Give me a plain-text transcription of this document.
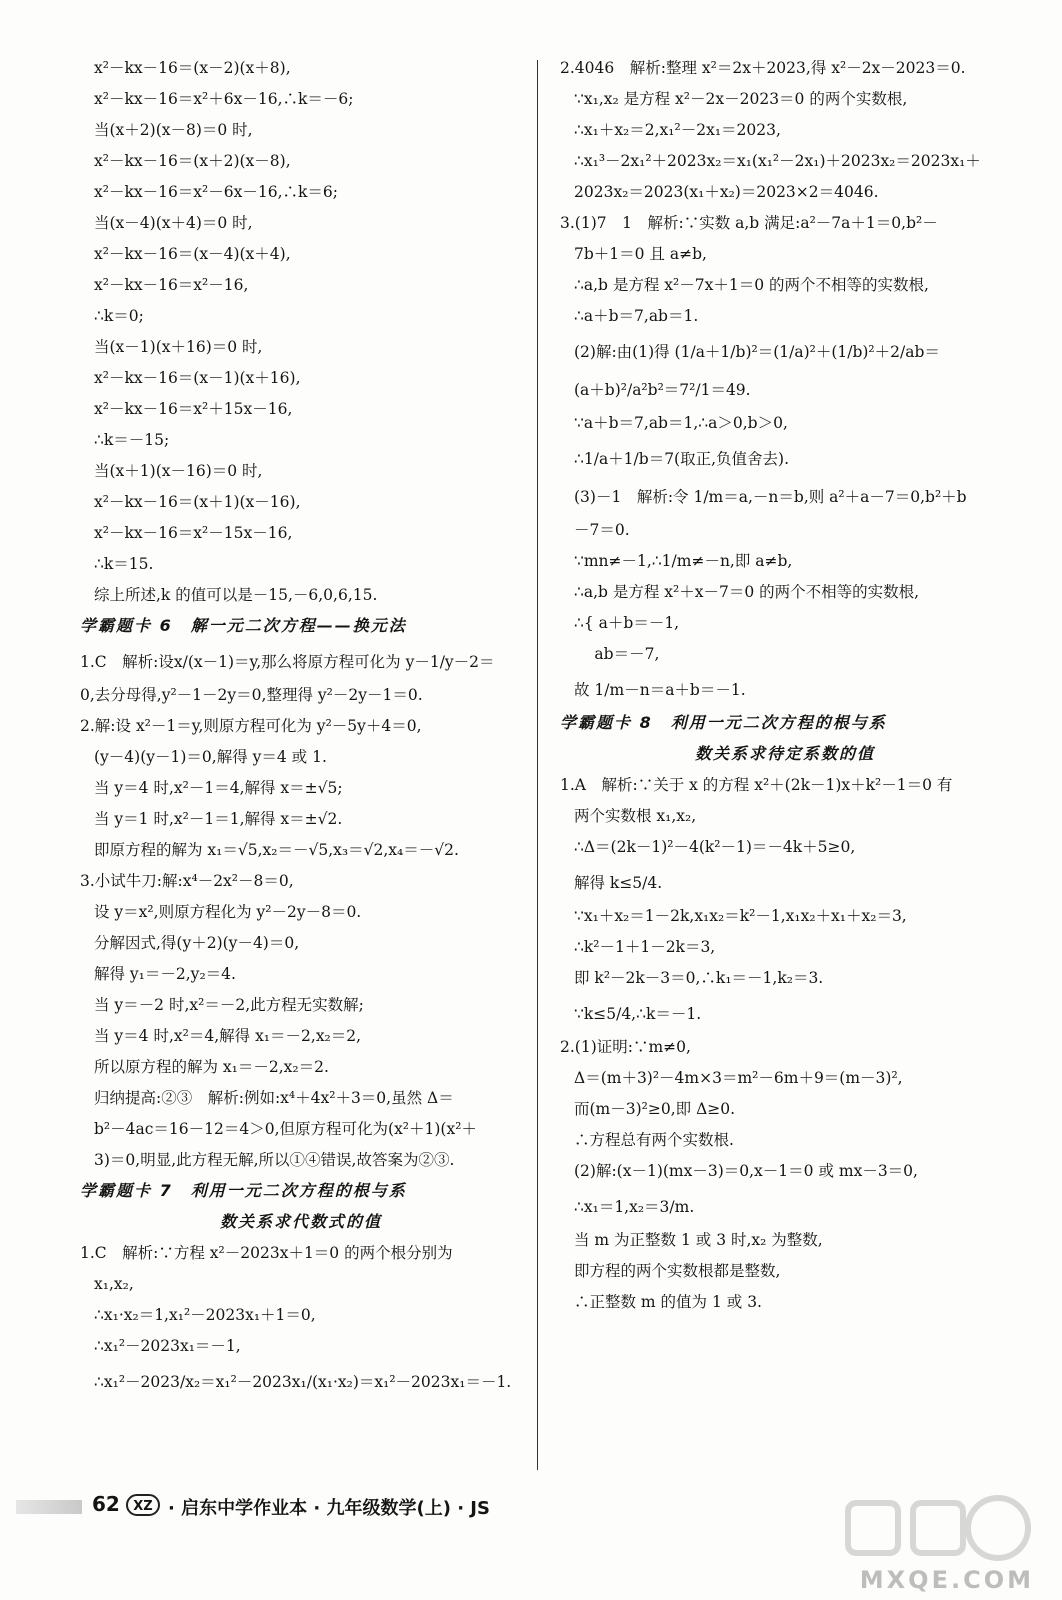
x²－kx－16＝(x－2)(x＋8),
x²－kx－16＝x²＋6x－16,∴k＝－6;
当(x＋2)(x－8)＝0 时,
x²－kx－16＝(x＋2)(x－8),
x²－kx－16＝x²－6x－16,∴k＝6;
当(x－4)(x＋4)＝0 时,
x²－kx－16＝(x－4)(x＋4),
x²－kx－16＝x²－16,
∴k＝0;
当(x－1)(x＋16)＝0 时,
x²－kx－16＝(x－1)(x＋16),
x²－kx－16＝x²＋15x－16,
∴k＝－15;
当(x＋1)(x－16)＝0 时,
x²－kx－16＝(x＋1)(x－16),
x²－kx－16＝x²－15x－16,
∴k＝15.
综上所述,k 的值可以是－15,－6,0,6,15.
学霸题卡 6　解一元二次方程——换元法
1.C　解析:设x/(x－1)＝y,那么将原方程可化为 y－1/y－2＝
0,去分母得,y²－1－2y＝0,整理得 y²－2y－1＝0.
2.解:设 x²－1＝y,则原方程可化为 y²－5y＋4＝0,
(y－4)(y－1)＝0,解得 y＝4 或 1.
当 y＝4 时,x²－1＝4,解得 x＝±√5;
当 y＝1 时,x²－1＝1,解得 x＝±√2.
即原方程的解为 x₁＝√5,x₂＝－√5,x₃＝√2,x₄＝－√2.
3.小试牛刀:解:x⁴－2x²－8＝0,
设 y＝x²,则原方程化为 y²－2y－8＝0.
分解因式,得(y＋2)(y－4)＝0,
解得 y₁＝－2,y₂＝4.
当 y＝－2 时,x²＝－2,此方程无实数解;
当 y＝4 时,x²＝4,解得 x₁＝－2,x₂＝2,
所以原方程的解为 x₁＝－2,x₂＝2.
归纳提高:②③　解析:例如:x⁴＋4x²＋3＝0,虽然 Δ＝
b²－4ac＝16－12＝4＞0,但原方程可化为(x²＋1)(x²＋
3)＝0,明显,此方程无解,所以①④错误,故答案为②③.
学霸题卡 7　利用一元二次方程的根与系
数关系求代数式的值
1.C　解析:∵方程 x²－2023x＋1＝0 的两个根分别为
x₁,x₂,
∴x₁·x₂＝1,x₁²－2023x₁＋1＝0,
∴x₁²－2023x₁＝－1,
∴x₁²－2023/x₂＝x₁²－2023x₁/(x₁·x₂)＝x₁²－2023x₁＝－1.
2.4046　解析:整理 x²＝2x＋2023,得 x²－2x－2023＝0.
∵x₁,x₂ 是方程 x²－2x－2023＝0 的两个实数根,
∴x₁＋x₂＝2,x₁²－2x₁＝2023,
∴x₁³－2x₁²＋2023x₂＝x₁(x₁²－2x₁)＋2023x₂＝2023x₁＋
2023x₂＝2023(x₁＋x₂)＝2023×2＝4046.
3.(1)7　1　解析:∵实数 a,b 满足:a²－7a＋1＝0,b²－
7b＋1＝0 且 a≠b,
∴a,b 是方程 x²－7x＋1＝0 的两个不相等的实数根,
∴a＋b＝7,ab＝1.
(2)解:由(1)得 (1/a＋1/b)²＝(1/a)²＋(1/b)²＋2/ab＝
(a＋b)²/a²b²＝7²/1＝49.
∵a＋b＝7,ab＝1,∴a＞0,b＞0,
∴1/a＋1/b＝7(取正,负值舍去).
(3)－1　解析:令 1/m＝a,－n＝b,则 a²＋a－7＝0,b²＋b
－7＝0.
∵mn≠－1,∴1/m≠－n,即 a≠b,
∴a,b 是方程 x²＋x－7＝0 的两个不相等的实数根,
∴{ a＋b＝－1,
　 ab＝－7,
故 1/m－n＝a＋b＝－1.
学霸题卡 8　利用一元二次方程的根与系
数关系求待定系数的值
1.A　解析:∵关于 x 的方程 x²＋(2k－1)x＋k²－1＝0 有
两个实数根 x₁,x₂,
∴Δ＝(2k－1)²－4(k²－1)＝－4k＋5≥0,
解得 k≤5/4.
∵x₁＋x₂＝1－2k,x₁x₂＝k²－1,x₁x₂＋x₁＋x₂＝3,
∴k²－1＋1－2k＝3,
即 k²－2k－3＝0,∴k₁＝－1,k₂＝3.
∵k≤5/4,∴k＝－1.
2.(1)证明:∵m≠0,
Δ＝(m＋3)²－4m×3＝m²－6m＋9＝(m－3)²,
而(m－3)²≥0,即 Δ≥0.
∴方程总有两个实数根.
(2)解:(x－1)(mx－3)＝0,x－1＝0 或 mx－3＝0,
∴x₁＝1,x₂＝3/m.
当 m 为正整数 1 或 3 时,x₂ 为整数,
即方程的两个实数根都是整数,
∴正整数 m 的值为 1 或 3.
62	XZ · 启东中学作业本 · 九年级数学(上) · JS
MXQE.COM
